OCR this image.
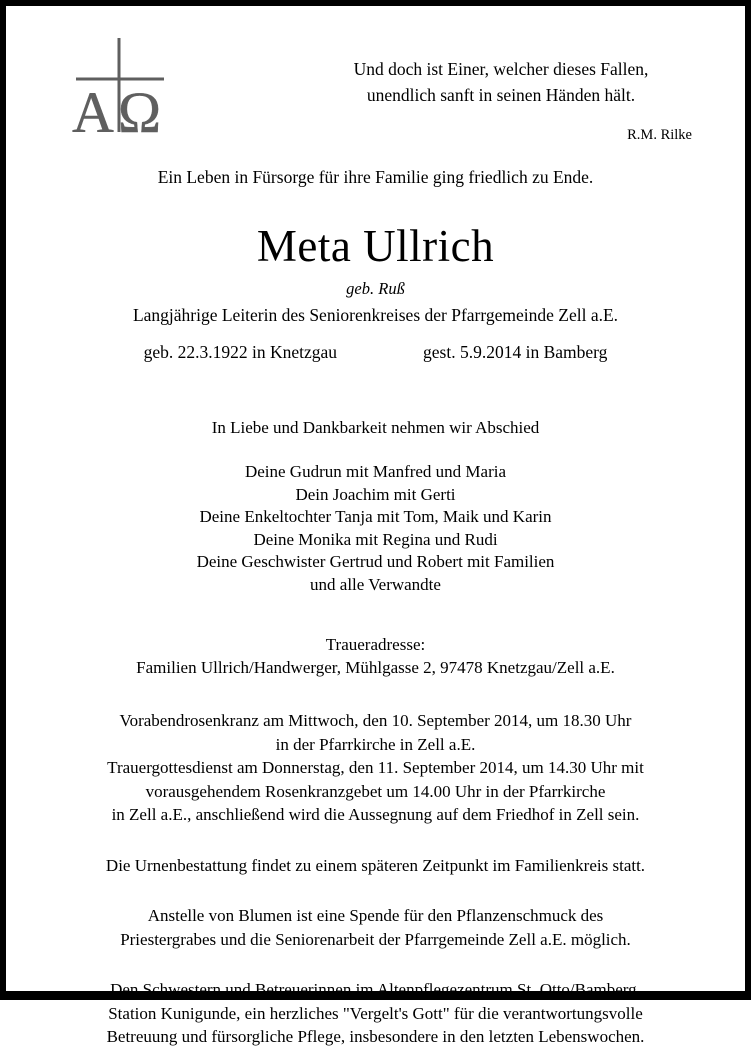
A Ω
Und doch ist Einer, welcher dieses Fallen,
unendlich sanft in seinen Händen hält.
R.M. Rilke
Ein Leben in Fürsorge für ihre Familie ging friedlich zu Ende.
Meta Ullrich
geb. Ruß
Langjährige Leiterin des Seniorenkreises der Pfarrgemeinde Zell a.E.
geb. 22.3.1922 in Knetzgau	gest. 5.9.2014 in Bamberg
In Liebe und Dankbarkeit nehmen wir Abschied
Deine Gudrun mit Manfred und Maria
Dein Joachim mit Gerti
Deine Enkeltochter Tanja mit Tom, Maik und Karin
Deine Monika mit Regina und Rudi
Deine Geschwister Gertrud und Robert mit Familien
und alle Verwandte
Traueradresse:
Familien Ullrich/Handwerger, Mühlgasse 2, 97478 Knetzgau/Zell a.E.
Vorabendrosenkranz am Mittwoch, den 10. September 2014, um 18.30 Uhr
in der Pfarrkirche in Zell a.E.
Trauergottesdienst am Donnerstag, den 11. September 2014, um 14.30 Uhr mit
vorausgehendem Rosenkranzgebet um 14.00 Uhr in der Pfarrkirche
in Zell a.E., anschließend wird die Aussegnung auf dem Friedhof in Zell sein.
Die Urnenbestattung findet zu einem späteren Zeitpunkt im Familienkreis statt.
Anstelle von Blumen ist eine Spende für den Pflanzenschmuck des
Priestergrabes und die Seniorenarbeit der Pfarrgemeinde Zell a.E. möglich.
Den Schwestern und Betreuerinnen im Altenpflegezentrum St. Otto/Bamberg,
Station Kunigunde, ein herzliches "Vergelt's Gott" für die verantwortungsvolle
Betreuung und fürsorgliche Pflege, insbesondere in den letzten Lebenswochen.
